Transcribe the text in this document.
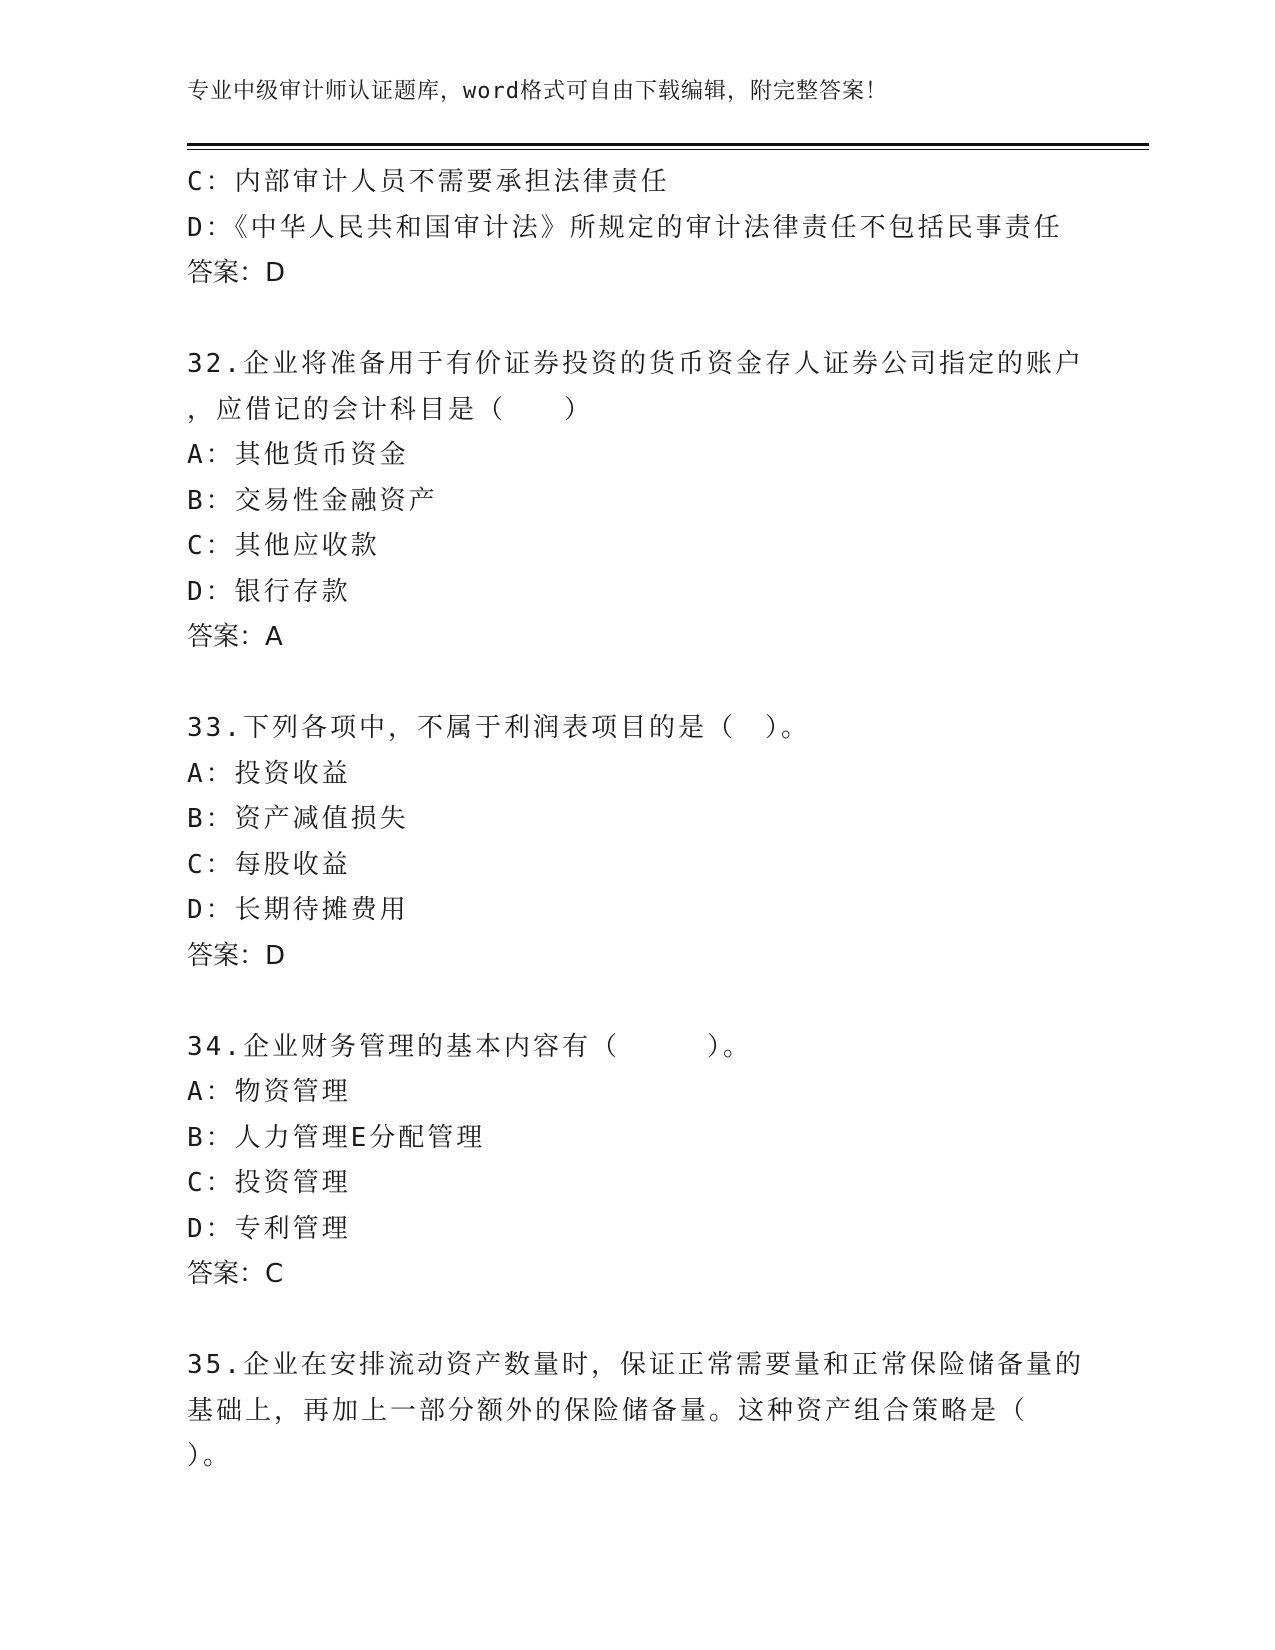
专业中级审计师认证题库，word格式可自由下载编辑，附完整答案！
C：内部审计人员不需要承担法律责任
D：《中华人民共和国审计法》所规定的审计法律责任不包括民事责任
答案：D
32.企业将准备用于有价证券投资的货币资金存人证券公司指定的账户
，应借记的会计科目是（　　）
A：其他货币资金
B：交易性金融资产
C：其他应收款
D：银行存款
答案：A
33.下列各项中，不属于利润表项目的是（　）。
A：投资收益
B：资产减值损失
C：每股收益
D：长期待摊费用
答案：D
34.企业财务管理的基本内容有（　　　）。
A：物资管理
B：人力管理E分配管理
C：投资管理
D：专利管理
答案：C
35.企业在安排流动资产数量时，保证正常需要量和正常保险储备量的
基础上，再加上一部分额外的保险储备量。这种资产组合策略是（
）。
